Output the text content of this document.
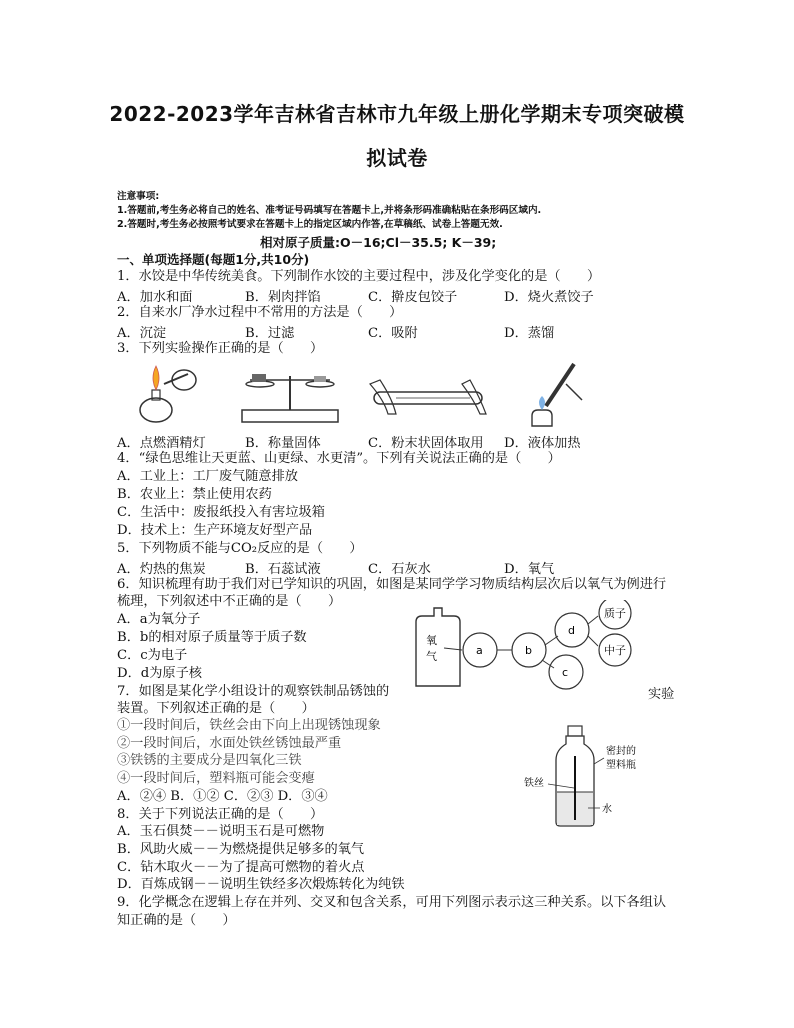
2022-2023学年吉林省吉林市九年级上册化学期末专项突破模
拟试卷
注意事项:
1.答题前,考生务必将自己的姓名、准考证号码填写在答题卡上,并将条形码准确粘贴在条形码区域内.
2.答题时,考生务必按照考试要求在答题卡上的指定区域内作答,在草稿纸、试卷上答题无效.
相对原子质量:O－16;Cl－35.5; K－39;
一、单项选择题(每题1分,共10分)
1．水饺是中华传统美食。下列制作水饺的主要过程中，涉及化学变化的是（　　）
A．加水和面	B．剁肉拌馅	C．擀皮包饺子	D．烧火煮饺子
2．自来水厂净水过程中不常用的方法是（　　）
A．沉淀	B．过滤	C．吸附	D．蒸馏
3．下列实验操作正确的是（　　）
A．点燃酒精灯	B．称量固体	C．粉末状固体取用 D．液体加热
4．“绿色思维让天更蓝、山更绿、水更清”。下列有关说法正确的是（　　）
A．工业上：工厂废气随意排放
B．农业上：禁止使用农药
C．生活中：废报纸投入有害垃圾箱
D．技术上：生产环境友好型产品
5．下列物质不能与CO₂反应的是（　　）
A．灼热的焦炭	B．石蕊试液	C．石灰水	D．氧气
6．知识梳理有助于我们对已学知识的巩固，如图是某同学学习物质结构层次后以氧气为例进行
梳理，下列叙述中不正确的是（　　）
A．a为氧分子
B．b的相对原子质量等于质子数
C．c为电子
D．d为原子核
氧
气	a	b
d
c
质子
中子
7．如图是某化学小组设计的观察铁制品锈蚀的	实验
装置。下列叙述正确的是（　　）
①一段时间后，铁丝会由下向上出现锈蚀现象
②一段时间后，水面处铁丝锈蚀最严重
③铁锈的主要成分是四氧化三铁
④一段时间后，塑料瓶可能会变瘪
A．②④ B．①② C．②③ D．③④
密封的
塑料瓶
铁丝
水
8．关于下列说法正确的是（　　）
A．玉石俱焚－－说明玉石是可燃物
B．风助火威－－为燃烧提供足够多的氧气
C．钻木取火－－为了提高可燃物的着火点
D．百炼成钢－－说明生铁经多次煅炼转化为纯铁
9．化学概念在逻辑上存在并列、交叉和包含关系，可用下列图示表示这三种关系。以下各组认
知正确的是（　　）
